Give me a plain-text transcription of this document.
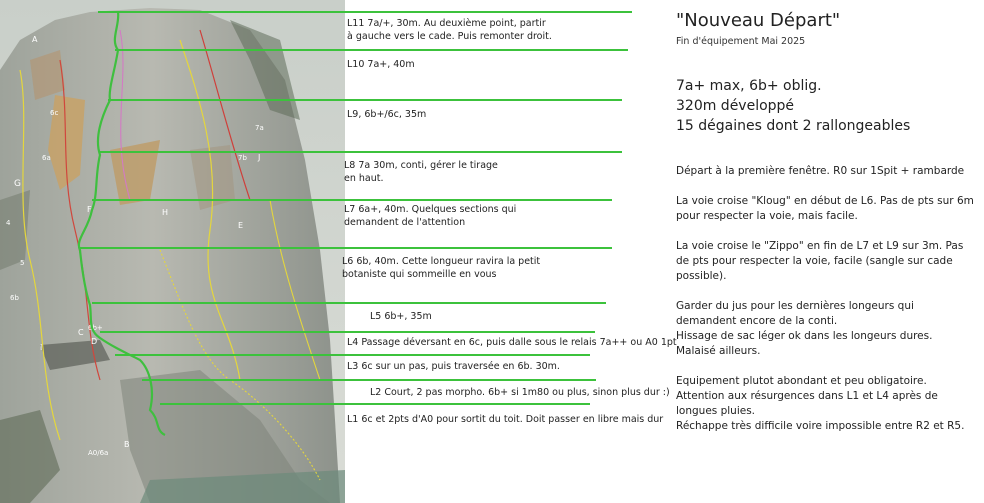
A
B
C
D
E
F
G
H
I
J
4
5
6a
6b
6c
7a
7b
A0/6a
6b+
L11 7a/+, 30m. Au deuxième point, partir à gauche vers le cade. Puis remonter droit.
L10 7a+, 40m
L9, 6b+/6c, 35m
L8 7a 30m, conti, gérer le tirage en haut.
L7 6a+, 40m. Quelques sections qui demandent de l'attention
L6 6b, 40m. Cette longueur ravira la petit botaniste qui sommeille en vous
L5 6b+, 35m
L4 Passage déversant en 6c, puis dalle sous le relais 7a++ ou A0 1pt
L3 6c sur un pas, puis traversée en 6b. 30m.
L2 Court, 2 pas morpho. 6b+ si 1m80 ou plus, sinon plus dur :)
L1 6c et 2pts d'A0 pour sortit du toit. Doit passer en libre mais dur
"Nouveau Départ"
Fin d'équipement Mai 2025
7a+ max, 6b+ oblig.
320m développé
15 dégaines dont 2 rallongeables

Départ à la première fenêtre. R0 sur 1Spit + rambarde

La voie croise "Kloug" en début de L6. Pas de pts sur 6m pour respecter la voie, mais facile.

La voie croise le "Zippo" en fin de L7 et L9 sur 3m. Pas de pts pour respecter la voie, facile (sangle sur cade possible).

Garder du jus pour les dernières longeurs qui demandent encore de la conti.
Hissage de sac léger ok dans les longeurs dures.
Malaisé ailleurs.

Equipement plutot abondant et peu obligatoire.
Attention aux résurgences dans L1 et L4 après de longues pluies.
Réchappe très difficile voire impossible entre R2 et R5.
